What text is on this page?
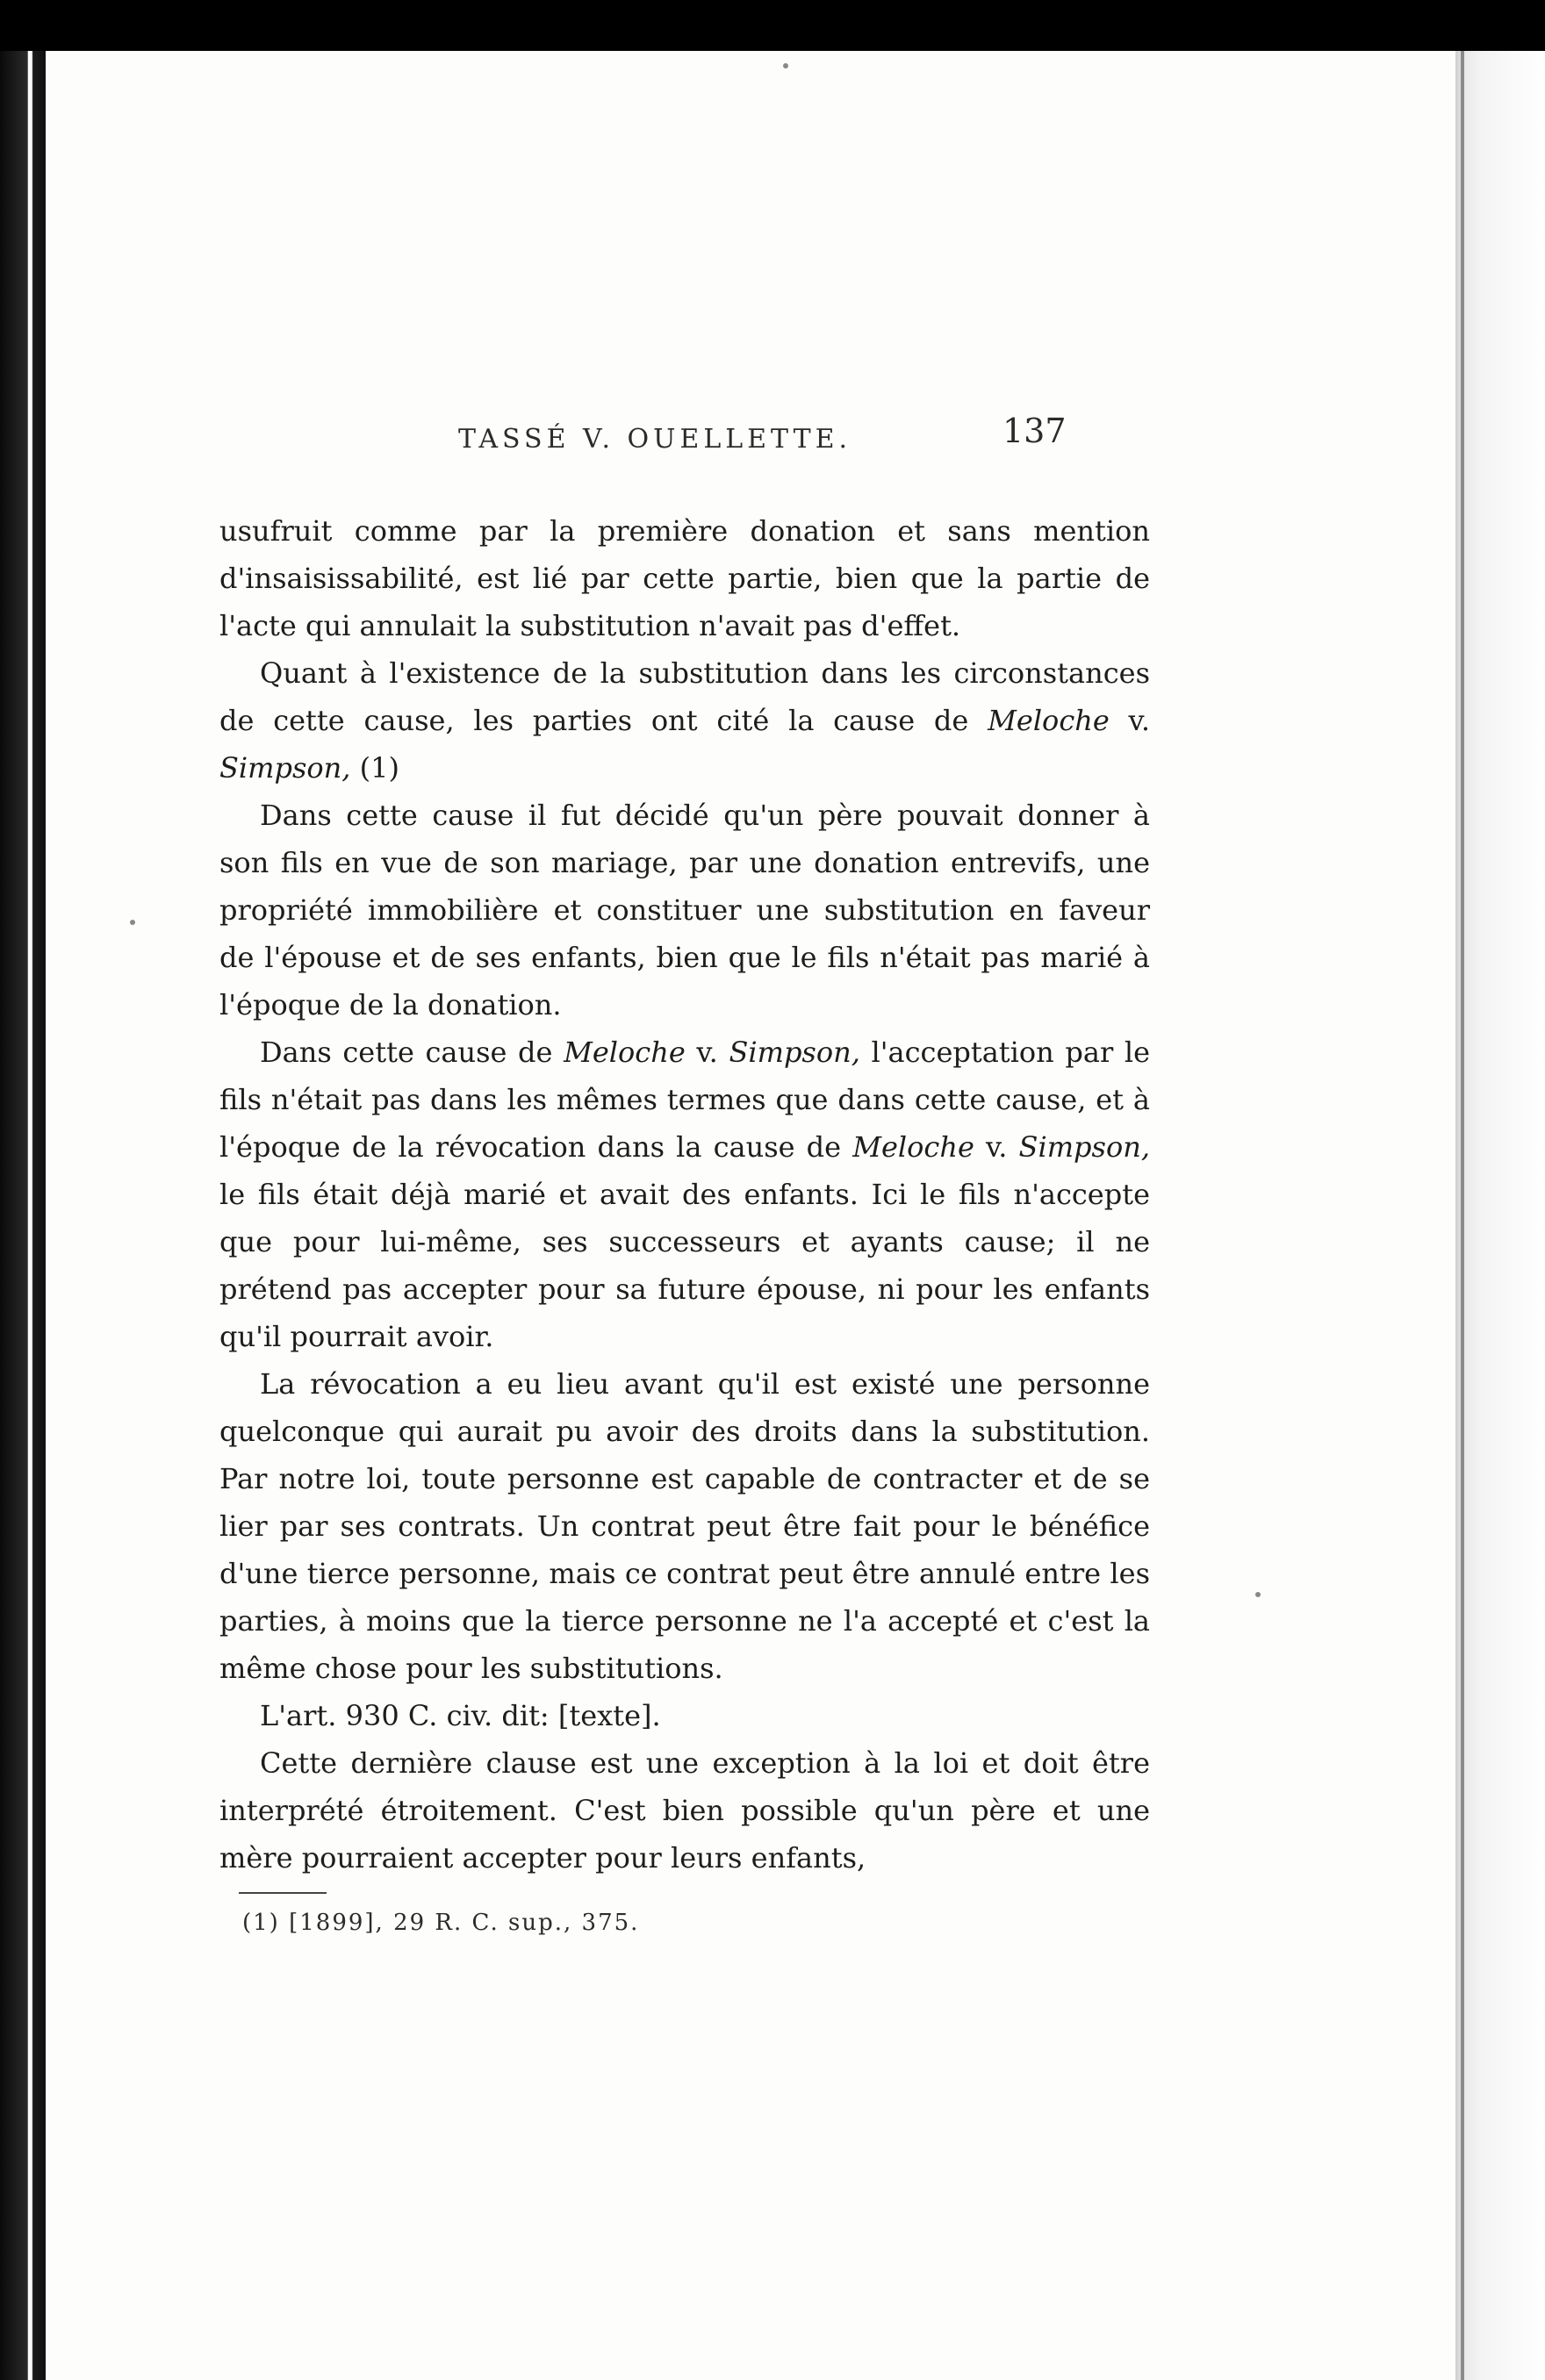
TASSÉ V. OUELLETTE.	137

usufruit comme par la première donation et sans mention d'insaisissabilité, est lié par cette partie, bien que la partie de l'acte qui annulait la substitution n'avait pas d'effet.

Quant à l'existence de la substitution dans les circonstances de cette cause, les parties ont cité la cause de Meloche v. Simpson, (1)

Dans cette cause il fut décidé qu'un père pouvait donner à son fils en vue de son mariage, par une donation entrevifs, une propriété immobilière et constituer une substitution en faveur de l'épouse et de ses enfants, bien que le fils n'était pas marié à l'époque de la donation.

Dans cette cause de Meloche v. Simpson, l'acceptation par le fils n'était pas dans les mêmes termes que dans cette cause, et à l'époque de la révocation dans la cause de Meloche v. Simpson, le fils était déjà marié et avait des enfants. Ici le fils n'accepte que pour lui-même, ses successeurs et ayants cause; il ne prétend pas accepter pour sa future épouse, ni pour les enfants qu'il pourrait avoir.

La révocation a eu lieu avant qu'il est existé une personne quelconque qui aurait pu avoir des droits dans la substitution. Par notre loi, toute personne est capable de contracter et de se lier par ses contrats. Un contrat peut être fait pour le bénéfice d'une tierce personne, mais ce contrat peut être annulé entre les parties, à moins que la tierce personne ne l'a accepté et c'est la même chose pour les substitutions.

L'art. 930 C. civ. dit: [texte].

Cette dernière clause est une exception à la loi et doit être interprété étroitement. C'est bien possible qu'un père et une mère pourraient accepter pour leurs enfants,

(1) [1899], 29 R. C. sup., 375.
